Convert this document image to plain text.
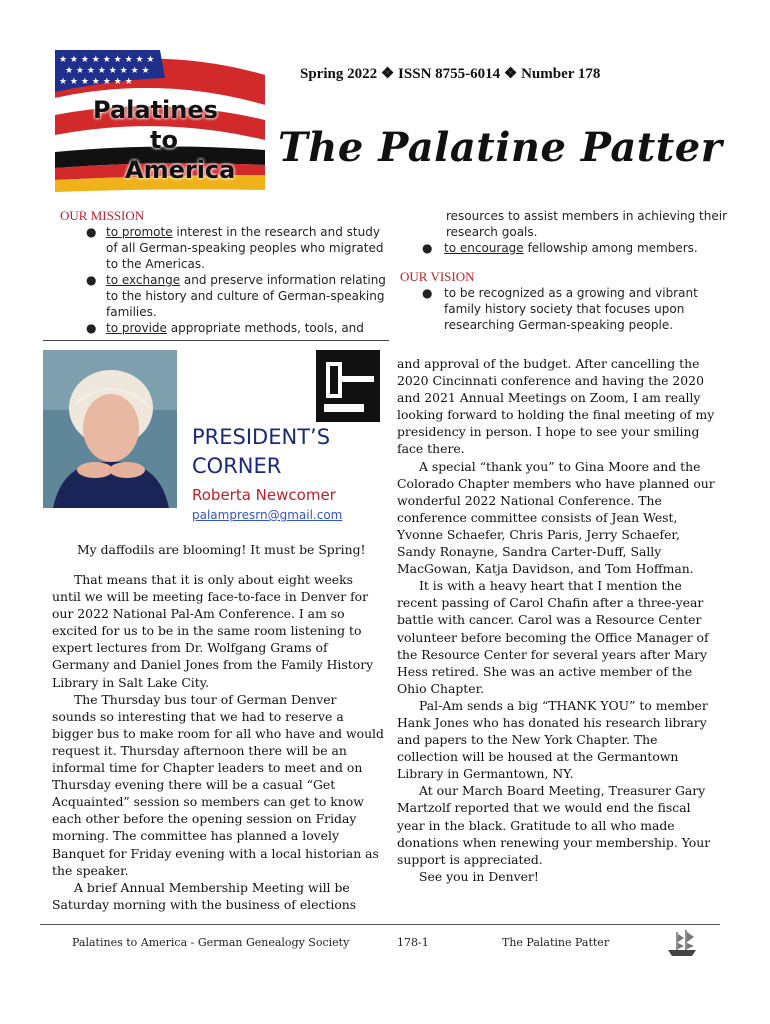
★ ★ ★ ★ ★ ★ ★ ★ ★
★ ★ ★ ★ ★ ★ ★ ★
★ ★ ★ ★ ★ ★ ★
Palatines
to
America
Spring 2022 ❖ ISSN 8755-6014 ❖ Number 178
The Palatine Patter
OUR MISSION
● to promote interest in the research and study
of all German-speaking peoples who migrated
to the Americas.
● to exchange and preserve information relating
to the history and culture of German-speaking
families.
● to provide appropriate methods, tools, and
resources to assist members in achieving their
research goals.
● to encourage fellowship among members.
OUR VISION
● to be recognized as a growing and vibrant
family history society that focuses upon
researching German-speaking people.
PRESIDENT’S
CORNER
Roberta Newcomer
palampresrn@gmail.com
My daffodils are blooming! It must be Spring!

That means that it is only about eight weeks until we will be meeting face-to-face in Denver for our 2022 National Pal-Am Conference. I am so excited for us to be in the same room listening to expert lectures from Dr. Wolfgang Grams of Germany and Daniel Jones from the Family History Library in Salt Lake City.

The Thursday bus tour of German Denver sounds so interesting that we had to reserve a bigger bus to make room for all who have and would request it. Thursday afternoon there will be an informal time for Chapter leaders to meet and on Thursday evening there will be a casual “Get Acquainted” session so members can get to know each other before the opening session on Friday morning. The committee has planned a lovely Banquet for Friday evening with a local historian as the speaker.

A brief Annual Membership Meeting will be Saturday morning with the business of elections

and approval of the budget. After cancelling the 2020 Cincinnati conference and having the 2020 and 2021 Annual Meetings on Zoom, I am really looking forward to holding the final meeting of my presidency in person. I hope to see your smiling face there.

A special “thank you” to Gina Moore and the Colorado Chapter members who have planned our wonderful 2022 National Conference. The conference committee consists of Jean West, Yvonne Schaefer, Chris Paris, Jerry Schaefer, Sandy Ronayne, Sandra Carter-Duff, Sally MacGowan, Katja Davidson, and Tom Hoffman.

It is with a heavy heart that I mention the recent passing of Carol Chafin after a three-year battle with cancer. Carol was a Resource Center volunteer before becoming the Office Manager of the Resource Center for several years after Mary Hess retired. She was an active member of the Ohio Chapter.

Pal-Am sends a big “THANK YOU” to member Hank Jones who has donated his research library and papers to the New York Chapter. The collection will be housed at the Germantown Library in Germantown, NY.

At our March Board Meeting, Treasurer Gary Martzolf reported that we would end the fiscal year in the black. Gratitude to all who made donations when renewing your membership. Your support is appreciated.

See you in Denver!

Palatines to America - German Genealogy Society	178-1	The Palatine Patter
